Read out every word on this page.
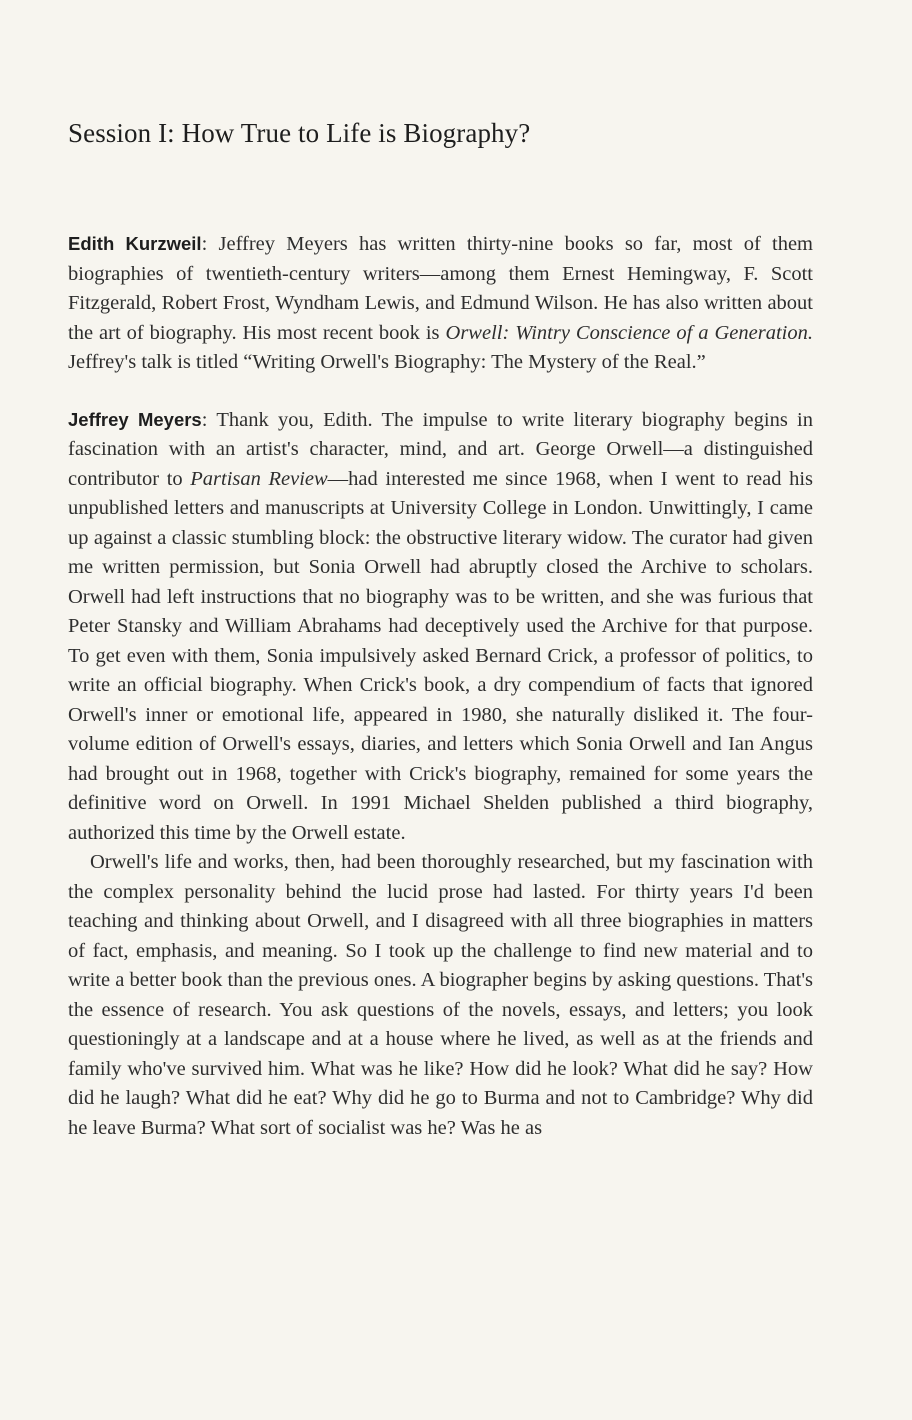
Session I: How True to Life is Biography?

Edith Kurzweil: Jeffrey Meyers has written thirty-nine books so far, most of them biographies of twentieth-century writers—among them Ernest Hemingway, F. Scott Fitzgerald, Robert Frost, Wyndham Lewis, and Edmund Wilson. He has also written about the art of biography. His most recent book is Orwell: Wintry Conscience of a Generation. Jeffrey's talk is titled “Writing Orwell's Biography: The Mystery of the Real.”

Jeffrey Meyers: Thank you, Edith. The impulse to write literary biography begins in fascination with an artist's character, mind, and art. George Orwell—a distinguished contributor to Partisan Review—had interested me since 1968, when I went to read his unpublished letters and manuscripts at University College in London. Unwittingly, I came up against a classic stumbling block: the obstructive literary widow. The curator had given me written permission, but Sonia Orwell had abruptly closed the Archive to scholars. Orwell had left instructions that no biography was to be written, and she was furious that Peter Stansky and William Abrahams had deceptively used the Archive for that purpose. To get even with them, Sonia impulsively asked Bernard Crick, a professor of politics, to write an official biography. When Crick's book, a dry compendium of facts that ignored Orwell's inner or emotional life, appeared in 1980, she naturally disliked it. The four-volume edition of Orwell's essays, diaries, and letters which Sonia Orwell and Ian Angus had brought out in 1968, together with Crick's biography, remained for some years the definitive word on Orwell. In 1991 Michael Shelden published a third biography, authorized this time by the Orwell estate.

Orwell's life and works, then, had been thoroughly researched, but my fascination with the complex personality behind the lucid prose had lasted. For thirty years I'd been teaching and thinking about Orwell, and I disagreed with all three biographies in matters of fact, emphasis, and meaning. So I took up the challenge to find new material and to write a better book than the previous ones. A biographer begins by asking questions. That's the essence of research. You ask questions of the novels, essays, and letters; you look questioningly at a landscape and at a house where he lived, as well as at the friends and family who've survived him. What was he like? How did he look? What did he say? How did he laugh? What did he eat? Why did he go to Burma and not to Cambridge? Why did he leave Burma? What sort of socialist was he? Was he as
